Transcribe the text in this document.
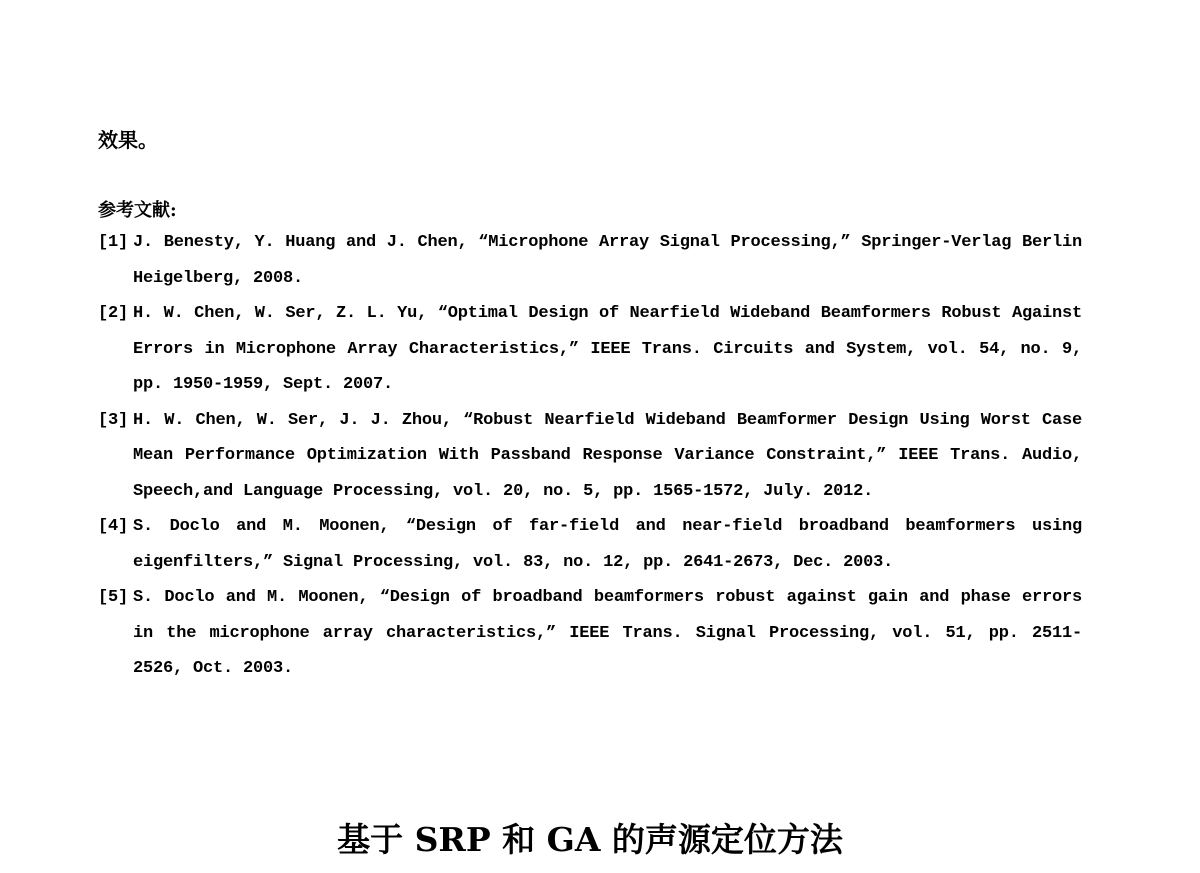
效果。
参考文献:
[1] J. Benesty, Y. Huang and J. Chen, “Microphone Array Signal Processing,” Springer-Verlag Berlin Heigelberg, 2008.
[2] H. W. Chen, W. Ser, Z. L. Yu, “Optimal Design of Nearfield Wideband Beamformers Robust Against Errors in Microphone Array Characteristics,” IEEE Trans. Circuits and System, vol. 54, no. 9, pp. 1950-1959, Sept. 2007.
[3] H. W. Chen, W. Ser, J. J. Zhou, “Robust Nearfield Wideband Beamformer Design Using Worst Case Mean Performance Optimization With Passband Response Variance Constraint,” IEEE Trans. Audio, Speech,and Language Processing, vol. 20, no. 5, pp. 1565-1572, July. 2012.
[4] S. Doclo and M. Moonen, “Design of far-field and near-field broadband beamformers using eigenfilters,” Signal Processing, vol. 83, no. 12, pp. 2641-2673, Dec. 2003.
[5] S. Doclo and M. Moonen, “Design of broadband beamformers robust against gain and phase errors in the microphone array characteristics,” IEEE Trans. Signal Processing, vol. 51, pp. 2511-2526, Oct. 2003.
基于 SRP 和 GA 的声源定位方法
